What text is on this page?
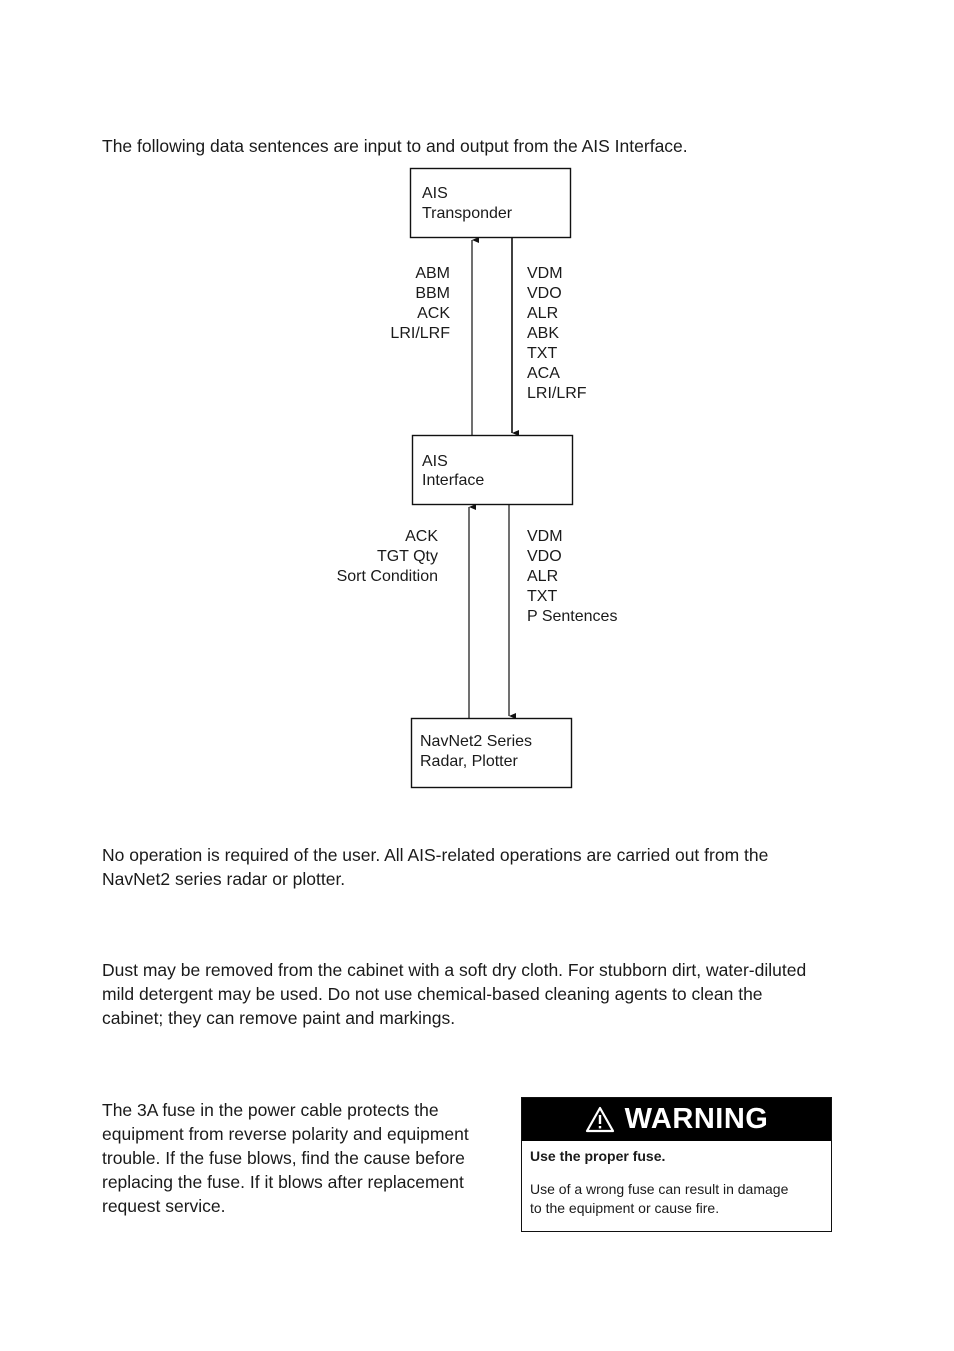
The following data sentences are input to and output from the AIS Interface.

AIS
Transponder
AIS
Interface
NavNet2 Series
Radar, Plotter
ABM
BBM
ACK
LRI/LRF
VDM
VDO
ALR
ABK
TXT
ACA
LRI/LRF
ACK
TGT Qty
Sort Condition
VDM
VDO
ALR
TXT
P Sentences

No operation is required of the user. All AIS-related operations are carried out from the
NavNet2 series radar or plotter.

Dust may be removed from the cabinet with a soft dry cloth. For stubborn dirt, water-diluted
mild detergent may be used. Do not use chemical-based cleaning agents to clean the
cabinet; they can remove paint and markings.

The 3A fuse in the power cable protects the
equipment from reverse polarity and equipment
trouble. If the fuse blows, find the cause before
replacing the fuse. If it blows after replacement
request service.

WARNING
Use the proper fuse.
Use of a wrong fuse can result in damage
to the equipment or cause fire.
